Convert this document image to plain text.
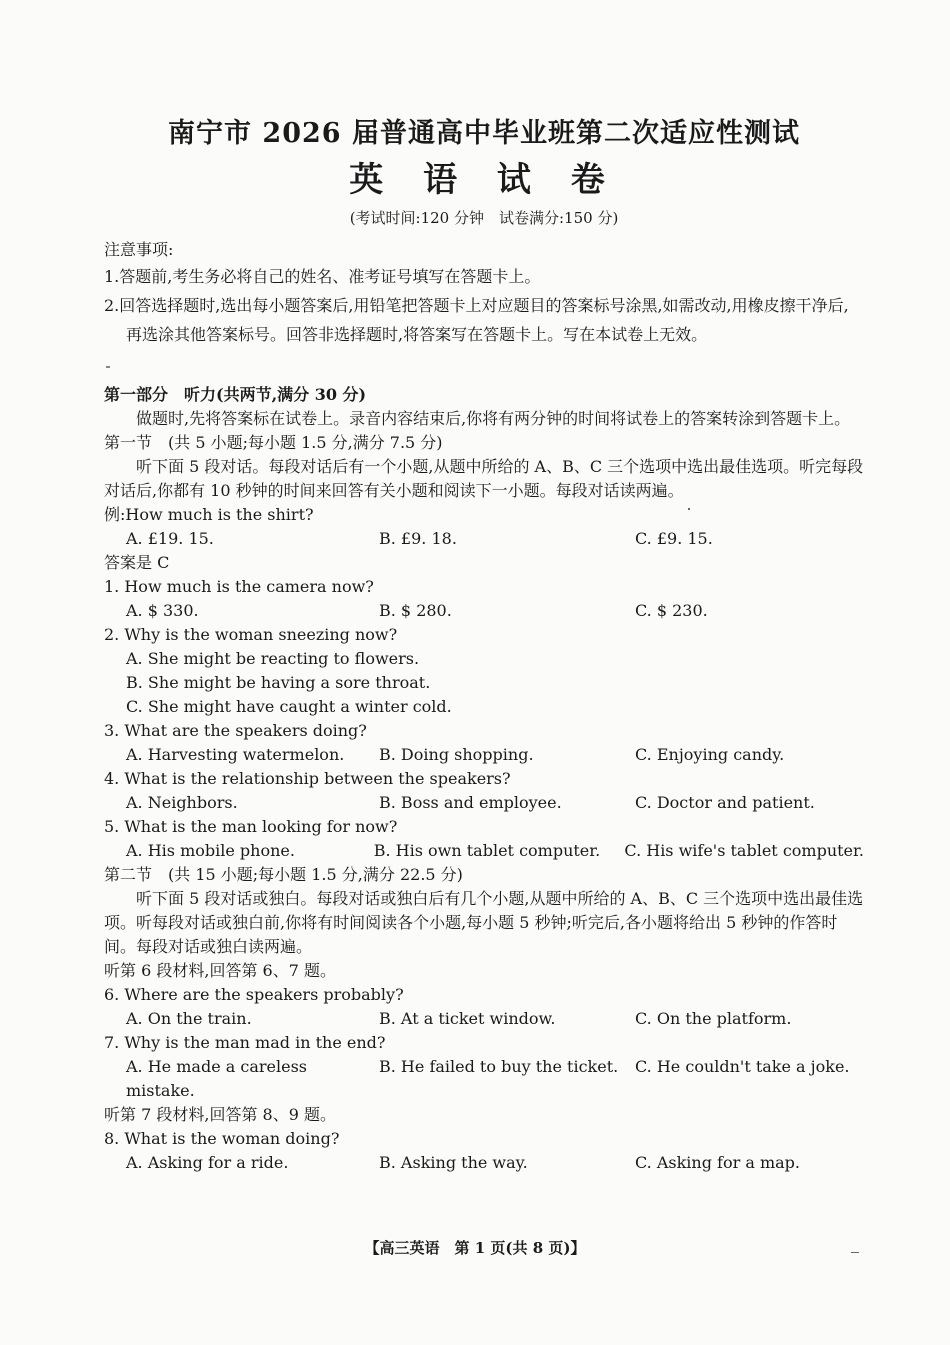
南宁市 2026 届普通高中毕业班第二次适应性测试
英 语 试 卷
(考试时间:120 分钟　试卷满分:150 分)

注意事项:

1.答题前,考生务必将自己的姓名、准考证号填写在答题卡上。

2.回答选择题时,选出每小题答案后,用铅笔把答题卡上对应题目的答案标号涂黑,如需改动,用橡皮擦干净后,再选涂其他答案标号。回答非选择题时,将答案写在答题卡上。写在本试卷上无效。

第一部分　听力(共两节,满分 30 分)

做题时,先将答案标在试卷上。录音内容结束后,你将有两分钟的时间将试卷上的答案转涂到答题卡上。

第一节　(共 5 小题;每小题 1.5 分,满分 7.5 分)

听下面 5 段对话。每段对话后有一个小题,从题中所给的 A、B、C 三个选项中选出最佳选项。听完每段对话后,你都有 10 秒钟的时间来回答有关小题和阅读下一小题。每段对话读两遍。

例:How much is the shirt?

A. £19. 15.	B. £9. 18.	C. £9. 15.

答案是 C

1. How much is the camera now?

A. $ 330.	B. $ 280.	C. $ 230.

2. Why is the woman sneezing now?

A. She might be reacting to flowers.

B. She might be having a sore throat.

C. She might have caught a winter cold.

3. What are the speakers doing?

A. Harvesting watermelon.	B. Doing shopping.	C. Enjoying candy.

4. What is the relationship between the speakers?

A. Neighbors.	B. Boss and employee.	C. Doctor and patient.

5. What is the man looking for now?

A. His mobile phone.	B. His own tablet computer.	C. His wife's tablet computer.

第二节　(共 15 小题;每小题 1.5 分,满分 22.5 分)

听下面 5 段对话或独白。每段对话或独白后有几个小题,从题中所给的 A、B、C 三个选项中选出最佳选项。听每段对话或独白前,你将有时间阅读各个小题,每小题 5 秒钟;听完后,各小题将给出 5 秒钟的作答时间。每段对话或独白读两遍。

听第 6 段材料,回答第 6、7 题。

6. Where are the speakers probably?

A. On the train.	B. At a ticket window.	C. On the platform.

7. Why is the man mad in the end?

A. He made a careless mistake.
B. He failed to buy the ticket.	C. He couldn't take a joke.

听第 7 段材料,回答第 8、9 题。

8. What is the woman doing?

A. Asking for a ride.	B. Asking the way.	C. Asking for a map.
【高三英语　第 1 页(共 8 页)】
